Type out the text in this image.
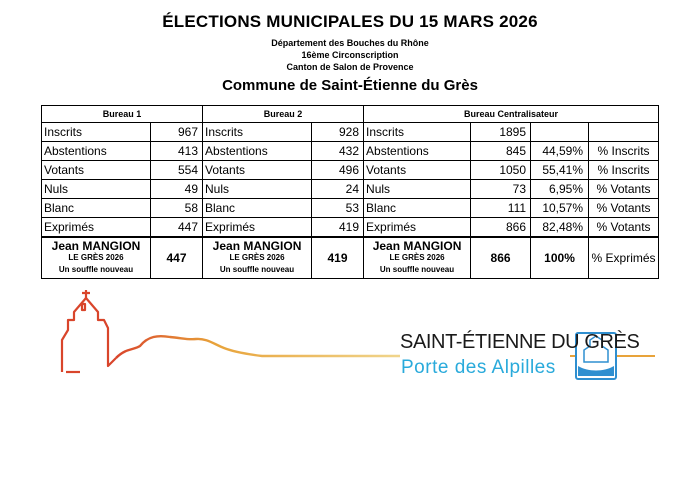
ÉLECTIONS MUNICIPALES DU 15 MARS 2026
Département des Bouches du Rhône
16ème Circonscription
Canton de Salon de Provence
Commune de Saint-Étienne du Grès
Bureau 1		Bureau 2		Bureau Centralisateur			
Inscrits	967	Inscrits	928	Inscrits	1895		
Abstentions	413	Abstentions	432	Abstentions	845	44,59%	% Inscrits
Votants	554	Votants	496	Votants	1050	55,41%	% Inscrits
Nuls	49	Nuls	24	Nuls	73	6,95%	% Votants
Blanc	58	Blanc	53	Blanc	111	10,57%	% Votants
Exprimés	447	Exprimés	419	Exprimés	866	82,48%	% Votants

Jean MANGION
LE GRÈS 2026
Un souffle nouveau	447	Jean MANGION
LE GRÈS 2026
Un souffle nouveau	419	Jean MANGION
LE GRÈS 2026
Un souffle nouveau	866	100%	% Exprimés
SAINT-ÉTIENNE DU GRÈS
Porte des Alpilles
